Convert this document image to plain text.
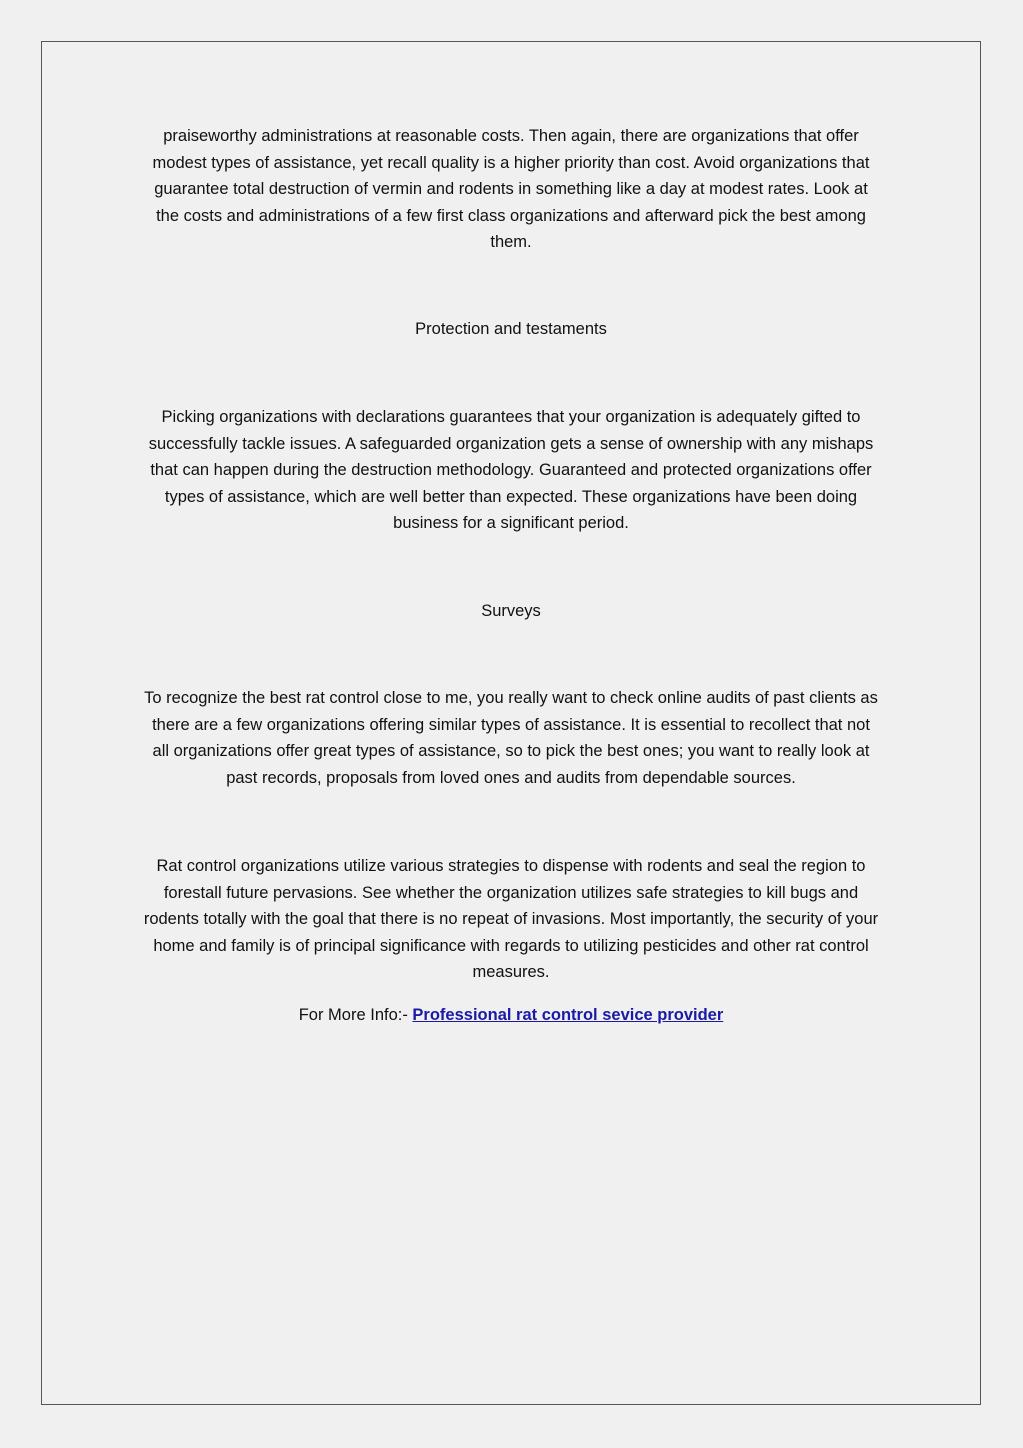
praiseworthy administrations at reasonable costs. Then again, there are organizations that offer modest types of assistance, yet recall quality is a higher priority than cost. Avoid organizations that guarantee total destruction of vermin and rodents in something like a day at modest rates. Look at the costs and administrations of a few first class organizations and afterward pick the best among them.

Protection and testaments

Picking organizations with declarations guarantees that your organization is adequately gifted to successfully tackle issues. A safeguarded organization gets a sense of ownership with any mishaps that can happen during the destruction methodology. Guaranteed and protected organizations offer types of assistance, which are well better than expected. These organizations have been doing business for a significant period.

Surveys

To recognize the best rat control close to me, you really want to check online audits of past clients as there are a few organizations offering similar types of assistance. It is essential to recollect that not all organizations offer great types of assistance, so to pick the best ones; you want to really look at past records, proposals from loved ones and audits from dependable sources.

Rat control organizations utilize various strategies to dispense with rodents and seal the region to forestall future pervasions. See whether the organization utilizes safe strategies to kill bugs and rodents totally with the goal that there is no repeat of invasions. Most importantly, the security of your home and family is of principal significance with regards to utilizing pesticides and other rat control measures.

For More Info:- Professional rat control sevice provider
